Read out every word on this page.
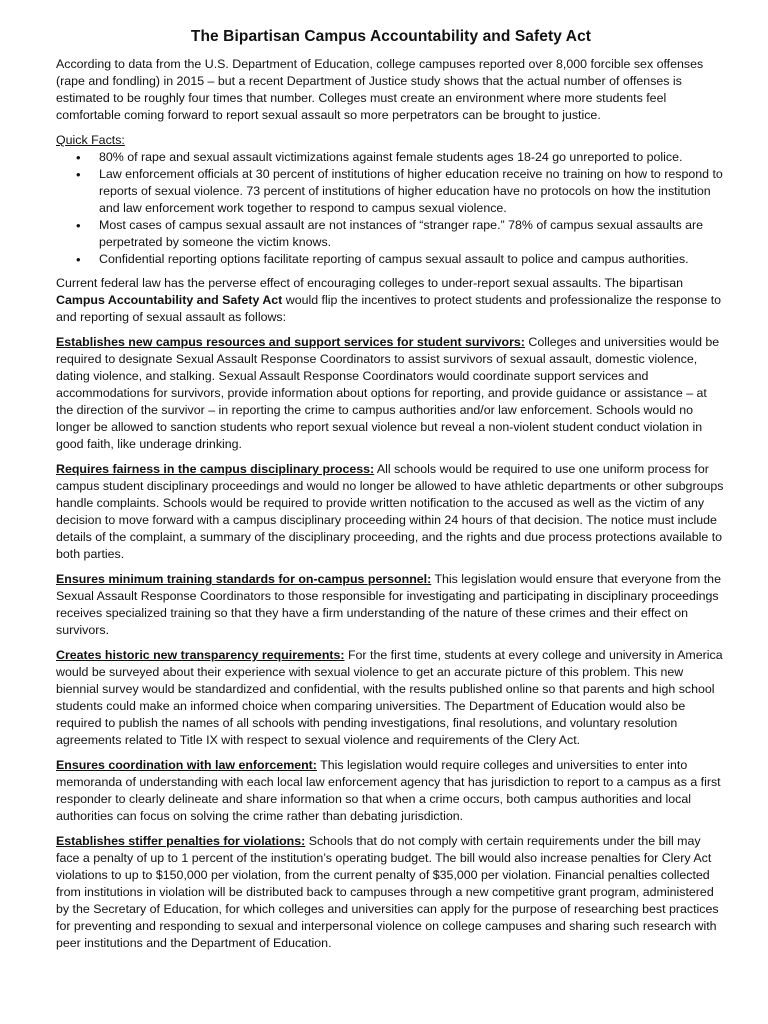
The Bipartisan Campus Accountability and Safety Act

According to data from the U.S. Department of Education, college campuses reported over 8,000 forcible sex offenses (rape and fondling) in 2015 – but a recent Department of Justice study shows that the actual number of offenses is estimated to be roughly four times that number. Colleges must create an environment where more students feel comfortable coming forward to report sexual assault so more perpetrators can be brought to justice.

Quick Facts:

• 80% of rape and sexual assault victimizations against female students ages 18-24 go unreported to police.
• Law enforcement officials at 30 percent of institutions of higher education receive no training on how to respond to reports of sexual violence. 73 percent of institutions of higher education have no protocols on how the institution and law enforcement work together to respond to campus sexual violence.
• Most cases of campus sexual assault are not instances of “stranger rape.” 78% of campus sexual assaults are perpetrated by someone the victim knows.
• Confidential reporting options facilitate reporting of campus sexual assault to police and campus authorities.

Current federal law has the perverse effect of encouraging colleges to under-report sexual assaults. The bipartisan Campus Accountability and Safety Act would flip the incentives to protect students and professionalize the response to and reporting of sexual assault as follows:

Establishes new campus resources and support services for student survivors: Colleges and universities would be required to designate Sexual Assault Response Coordinators to assist survivors of sexual assault, domestic violence, dating violence, and stalking. Sexual Assault Response Coordinators would coordinate support services and accommodations for survivors, provide information about options for reporting, and provide guidance or assistance – at the direction of the survivor – in reporting the crime to campus authorities and/or law enforcement. Schools would no longer be allowed to sanction students who report sexual violence but reveal a non-violent student conduct violation in good faith, like underage drinking.

Requires fairness in the campus disciplinary process: All schools would be required to use one uniform process for campus student disciplinary proceedings and would no longer be allowed to have athletic departments or other subgroups handle complaints. Schools would be required to provide written notification to the accused as well as the victim of any decision to move forward with a campus disciplinary proceeding within 24 hours of that decision. The notice must include details of the complaint, a summary of the disciplinary proceeding, and the rights and due process protections available to both parties.

Ensures minimum training standards for on-campus personnel: This legislation would ensure that everyone from the Sexual Assault Response Coordinators to those responsible for investigating and participating in disciplinary proceedings receives specialized training so that they have a firm understanding of the nature of these crimes and their effect on survivors.

Creates historic new transparency requirements: For the first time, students at every college and university in America would be surveyed about their experience with sexual violence to get an accurate picture of this problem. This new biennial survey would be standardized and confidential, with the results published online so that parents and high school students could make an informed choice when comparing universities. The Department of Education would also be required to publish the names of all schools with pending investigations, final resolutions, and voluntary resolution agreements related to Title IX with respect to sexual violence and requirements of the Clery Act.

Ensures coordination with law enforcement: This legislation would require colleges and universities to enter into memoranda of understanding with each local law enforcement agency that has jurisdiction to report to a campus as a first responder to clearly delineate and share information so that when a crime occurs, both campus authorities and local authorities can focus on solving the crime rather than debating jurisdiction.

Establishes stiffer penalties for violations: Schools that do not comply with certain requirements under the bill may face a penalty of up to 1 percent of the institution’s operating budget. The bill would also increase penalties for Clery Act violations to up to $150,000 per violation, from the current penalty of $35,000 per violation. Financial penalties collected from institutions in violation will be distributed back to campuses through a new competitive grant program, administered by the Secretary of Education, for which colleges and universities can apply for the purpose of researching best practices for preventing and responding to sexual and interpersonal violence on college campuses and sharing such research with peer institutions and the Department of Education.
